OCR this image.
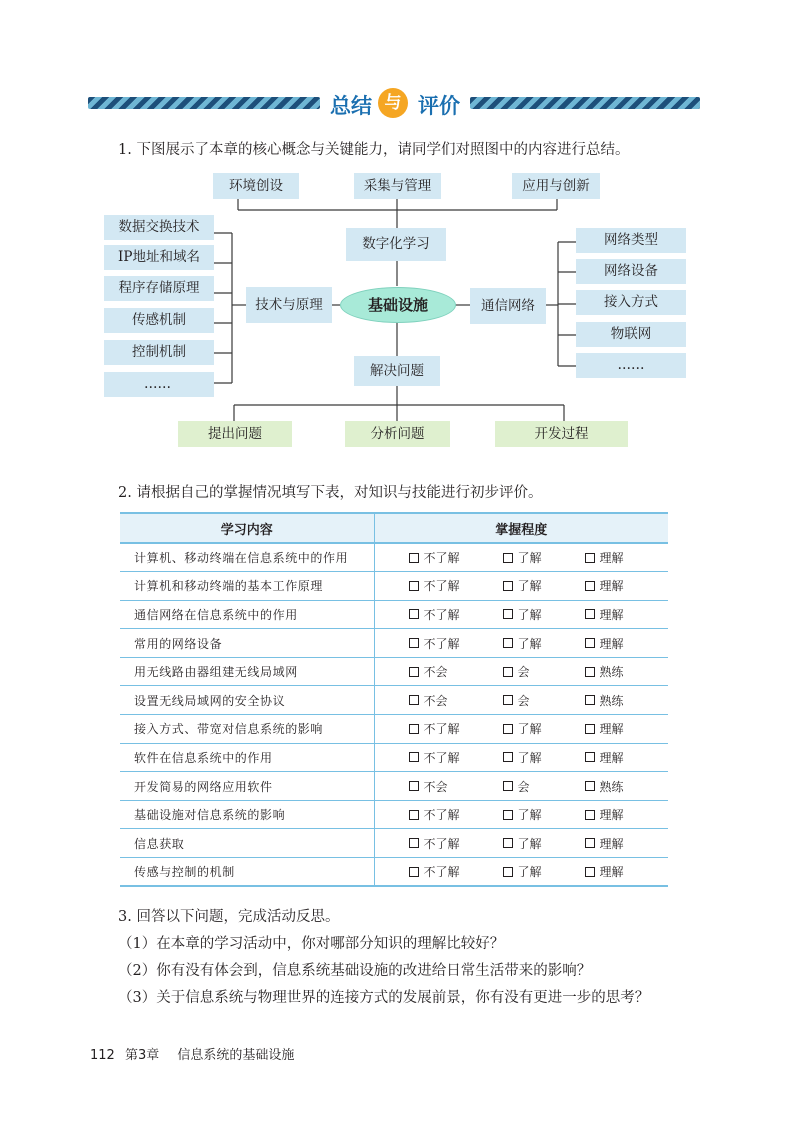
总结 与 评价
1. 下图展示了本章的核心概念与关键能力，请同学们对照图中的内容进行总结。
环境创设	采集与管理	应用与创新
数字化学习
数据交换技术
IP地址和域名
程序存储原理
传感机制
控制机制
……
技术与原理	基础设施	通信网络
网络类型
网络设备
接入方式
物联网
……
解决问题
提出问题	分析问题	开发过程
2. 请根据自己的掌握情况填写下表，对知识与技能进行初步评价。
学习内容	掌握程度
计算机、移动终端在信息系统中的作用	不了解 了解 理解

计算机和移动终端的基本工作原理	不了解 了解 理解

通信网络在信息系统中的作用	不了解 了解 理解

常用的网络设备	不了解 了解 理解

用无线路由器组建无线局域网	不会 会 熟练

设置无线局域网的安全协议	不会 会 熟练

接入方式、带宽对信息系统的影响	不了解 了解 理解

软件在信息系统中的作用	不了解 了解 理解

开发简易的网络应用软件	不会 会 熟练

基础设施对信息系统的影响	不了解 了解 理解

信息获取	不了解 了解 理解

传感与控制的机制	不了解 了解 理解
3. 回答以下问题，完成活动反思。
（1）在本章的学习活动中，你对哪部分知识的理解比较好？
（2）你有没有体会到，信息系统基础设施的改进给日常生活带来的影响？
（3）关于信息系统与物理世界的连接方式的发展前景，你有没有更进一步的思考？
112 第3章 信息系统的基础设施
